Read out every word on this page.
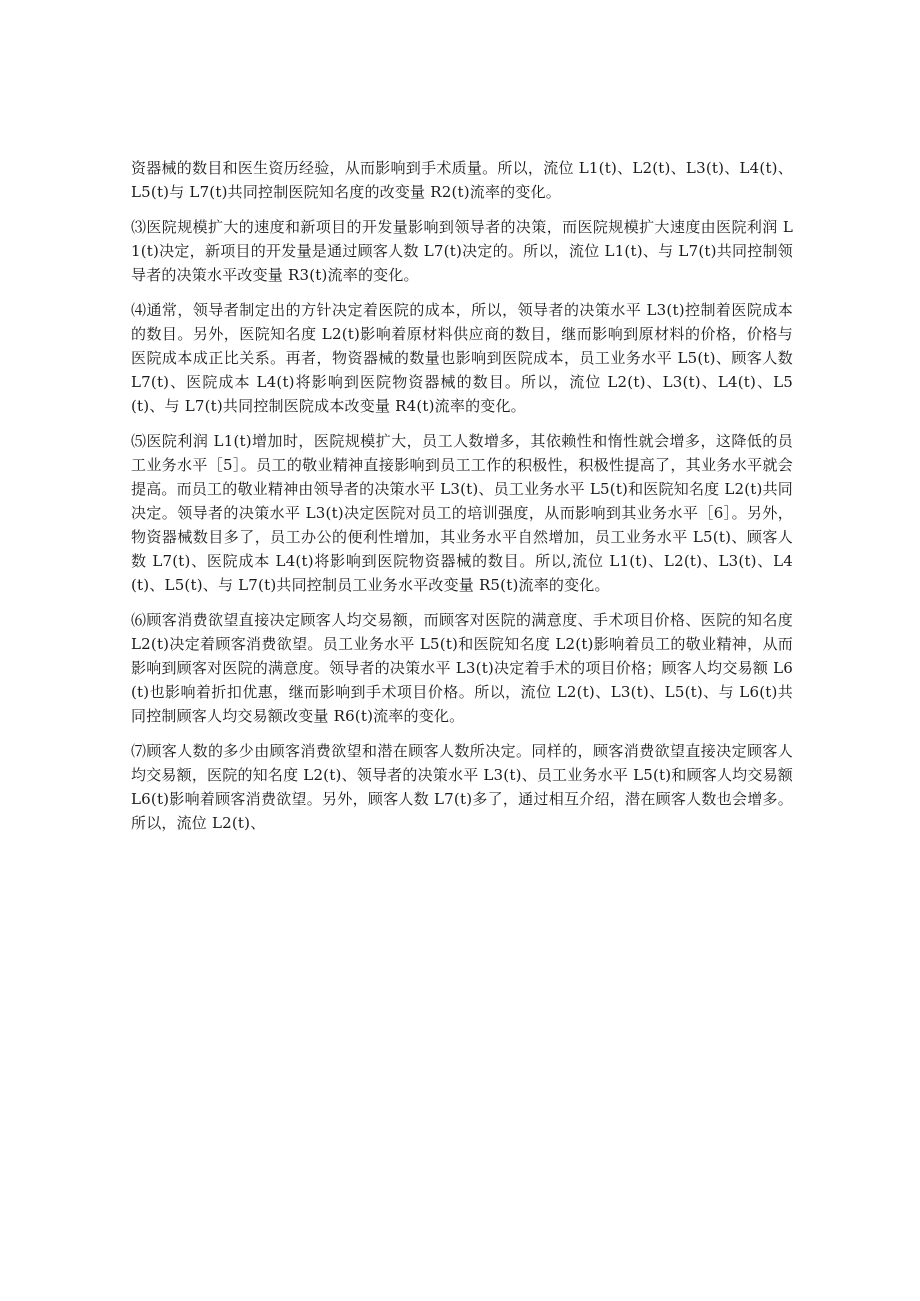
资器械的数目和医生资历经验，从而影响到手术质量。所以，流位 L1(t)、L2(t)、L3(t)、L4(t)、L5(t)与 L7(t)共同控制医院知名度的改变量 R2(t)流率的变化。

⑶医院规模扩大的速度和新项目的开发量影响到领导者的决策，而医院规模扩大速度由医院利润 L1(t)决定，新项目的开发量是通过顾客人数 L7(t)决定的。所以，流位 L1(t)、与 L7(t)共同控制领导者的决策水平改变量 R3(t)流率的变化。

⑷通常，领导者制定出的方针决定着医院的成本，所以，领导者的决策水平 L3(t)控制着医院成本的数目。另外，医院知名度 L2(t)影响着原材料供应商的数目，继而影响到原材料的价格，价格与医院成本成正比关系。再者，物资器械的数量也影响到医院成本，员工业务水平 L5(t)、顾客人数 L7(t)、医院成本 L4(t)将影响到医院物资器械的数目。所以，流位 L2(t)、L3(t)、L4(t)、L5(t)、与 L7(t)共同控制医院成本改变量 R4(t)流率的变化。

⑸医院利润 L1(t)增加时，医院规模扩大，员工人数增多，其依赖性和惰性就会增多，这降低的员工业务水平［5］。员工的敬业精神直接影响到员工工作的积极性，积极性提高了，其业务水平就会提高。而员工的敬业精神由领导者的决策水平 L3(t)、员工业务水平 L5(t)和医院知名度 L2(t)共同决定。领导者的决策水平 L3(t)决定医院对员工的培训强度，从而影响到其业务水平［6］。另外，物资器械数目多了，员工办公的便利性增加，其业务水平自然增加，员工业务水平 L5(t)、顾客人数 L7(t)、医院成本 L4(t)将影响到医院物资器械的数目。所以,流位 L1(t)、L2(t)、L3(t)、L4(t)、L5(t)、与 L7(t)共同控制员工业务水平改变量 R5(t)流率的变化。

⑹顾客消费欲望直接决定顾客人均交易额，而顾客对医院的满意度、手术项目价格、医院的知名度 L2(t)决定着顾客消费欲望。员工业务水平 L5(t)和医院知名度 L2(t)影响着员工的敬业精神，从而影响到顾客对医院的满意度。领导者的决策水平 L3(t)决定着手术的项目价格；顾客人均交易额 L6(t)也影响着折扣优惠，继而影响到手术项目价格。所以，流位 L2(t)、L3(t)、L5(t)、与 L6(t)共同控制顾客人均交易额改变量 R6(t)流率的变化。

⑺顾客人数的多少由顾客消费欲望和潜在顾客人数所决定。同样的，顾客消费欲望直接决定顾客人均交易额，医院的知名度 L2(t)、领导者的决策水平 L3(t)、员工业务水平 L5(t)和顾客人均交易额 L6(t)影响着顾客消费欲望。另外，顾客人数 L7(t)多了，通过相互介绍，潜在顾客人数也会增多。所以，流位 L2(t)、
